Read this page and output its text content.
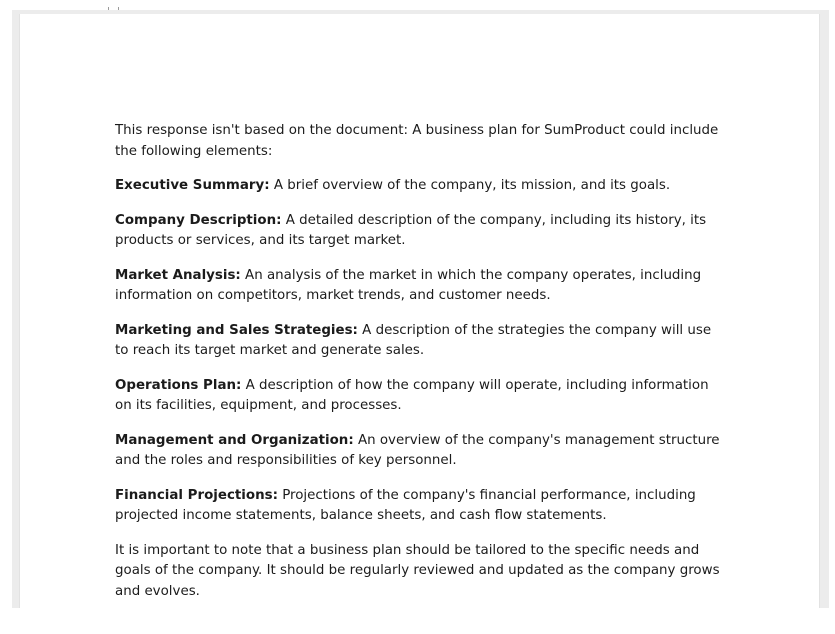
This response isn't based on the document: A business plan for SumProduct could include the following elements:

Executive Summary: A brief overview of the company, its mission, and its goals.

Company Description: A detailed description of the company, including its history, its products or services, and its target market.

Market Analysis: An analysis of the market in which the company operates, including information on competitors, market trends, and customer needs.

Marketing and Sales Strategies: A description of the strategies the company will use to reach its target market and generate sales.

Operations Plan: A description of how the company will operate, including information on its facilities, equipment, and processes.

Management and Organization: An overview of the company's management structure and the roles and responsibilities of key personnel.

Financial Projections: Projections of the company's financial performance, including projected income statements, balance sheets, and cash flow statements.

It is important to note that a business plan should be tailored to the specific needs and goals of the company. It should be regularly reviewed and updated as the company grows and evolves.
